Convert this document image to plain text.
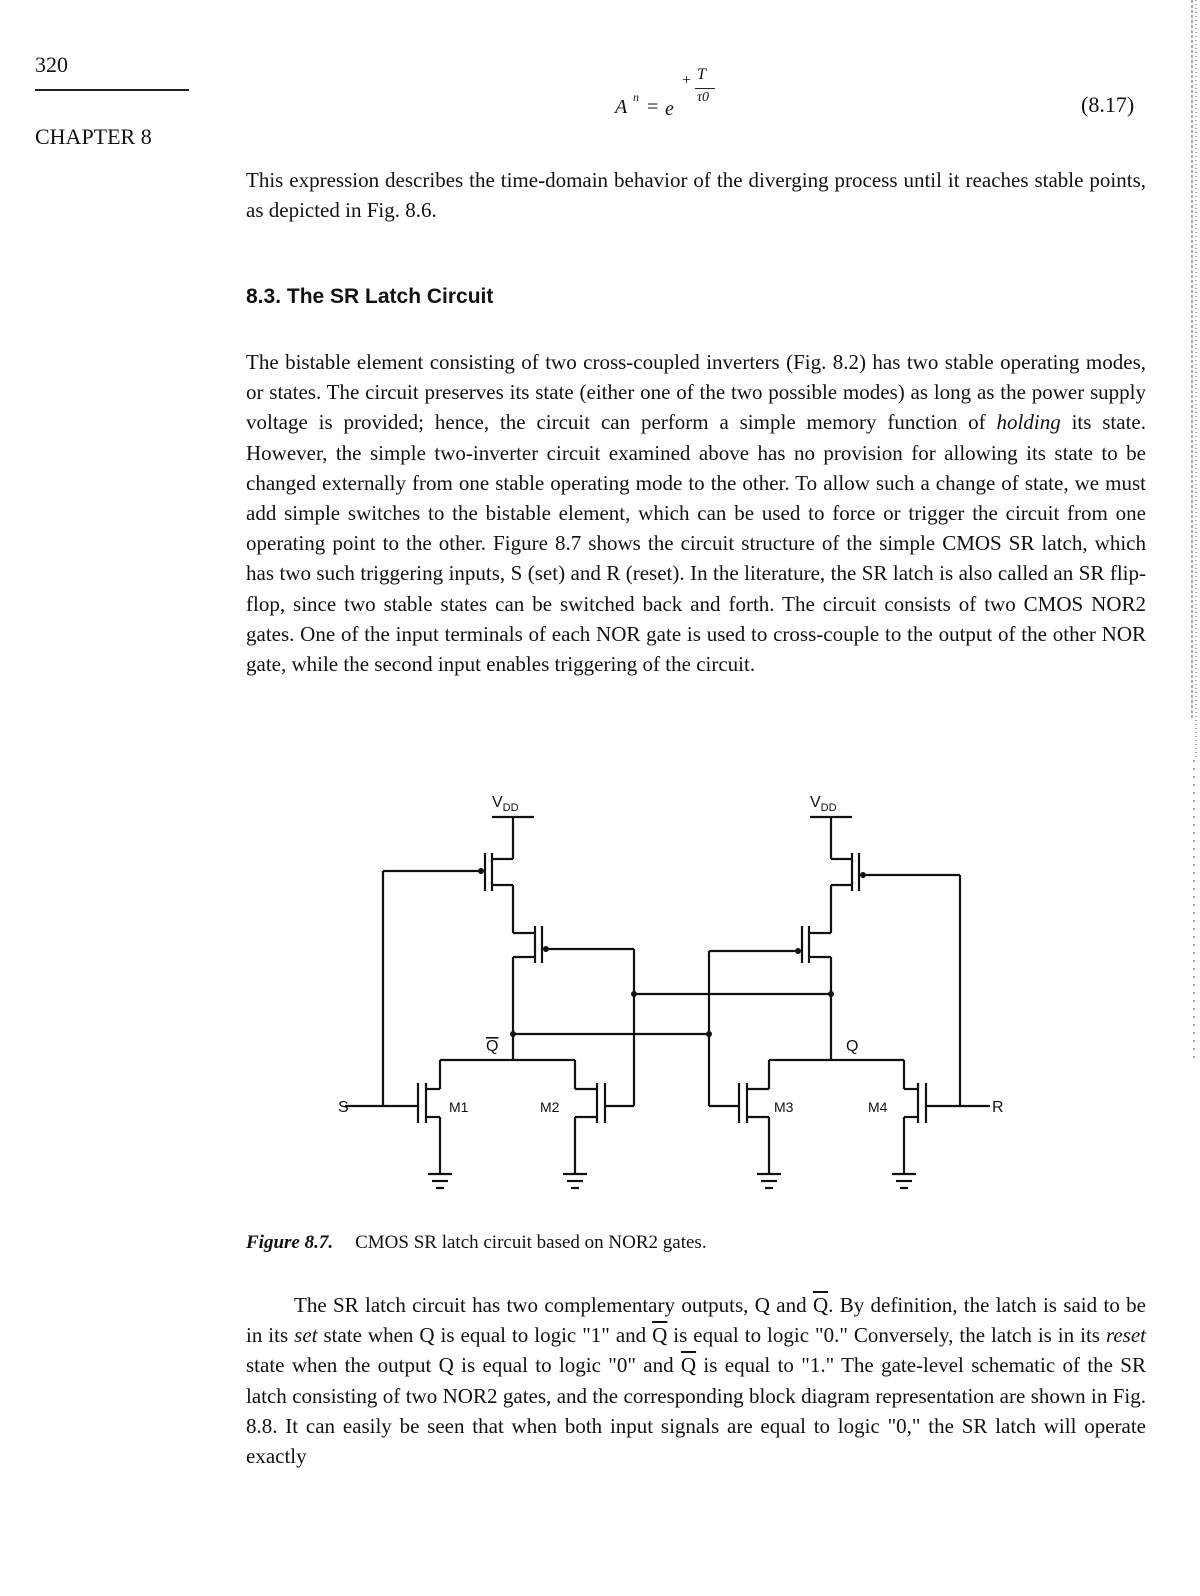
320
CHAPTER 8
A n = e
+ T
τ0	(8.17)

This expression describes the time-domain behavior of the diverging process until it reaches stable points, as depicted in Fig. 8.6.

8.3. The SR Latch Circuit

The bistable element consisting of two cross-coupled inverters (Fig. 8.2) has two stable operating modes, or states. The circuit preserves its state (either one of the two possible modes) as long as the power supply voltage is provided; hence, the circuit can perform a simple memory function of holding its state. However, the simple two-inverter circuit examined above has no provision for allowing its state to be changed externally from one stable operating mode to the other. To allow such a change of state, we must add simple switches to the bistable element, which can be used to force or trigger the circuit from one operating point to the other. Figure 8.7 shows the circuit structure of the simple CMOS SR latch, which has two such triggering inputs, S (set) and R (reset). In the literature, the SR latch is also called an SR flip-flop, since two stable states can be switched back and forth. The circuit consists of two CMOS NOR2 gates. One of the input terminals of each NOR gate is used to cross-couple to the output of the other NOR gate, while the second input enables triggering of the circuit.

$V_{DD}$	$V_{DD}$
Q	Q
S	R
M1	M2	M3	M4
Figure 8.7. CMOS SR latch circuit based on NOR2 gates.

The SR latch circuit has two complementary outputs, Q and $\overline{Q}$. By definition, the latch is said to be in its set state when Q is equal to logic "1" and $\overline{Q}$ is equal to logic "0." Conversely, the latch is in its reset state when the output Q is equal to logic "0" and $\overline{Q}$ is equal to "1." The gate-level schematic of the SR latch consisting of two NOR2 gates, and the corresponding block diagram representation are shown in Fig. 8.8. It can easily be seen that when both input signals are equal to logic "0," the SR latch will operate exactly
